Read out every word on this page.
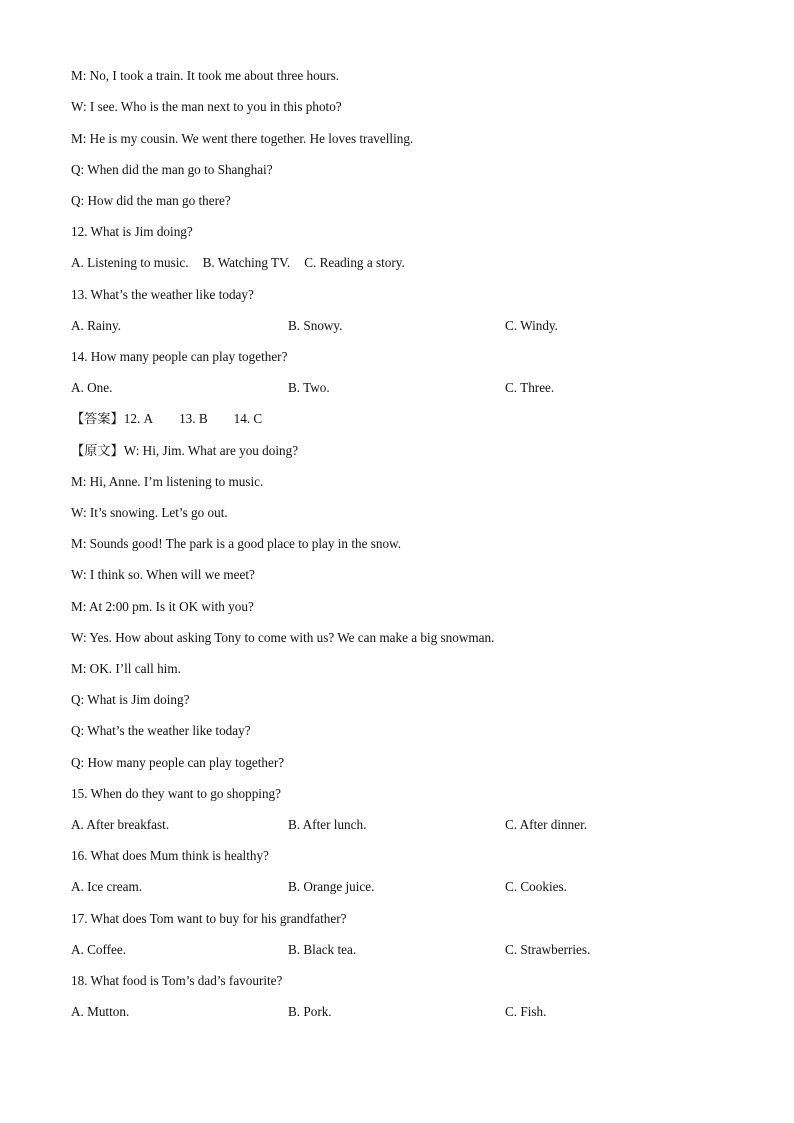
M: No, I took a train. It took me about three hours.
W: I see. Who is the man next to you in this photo?
M: He is my cousin. We went there together. He loves travelling.
Q: When did the man go to Shanghai?
Q: How did the man go there?
12. What is Jim doing?
A. Listening to music. B. Watching TV. C. Reading a story.
13. What’s the weather like today?
A. Rainy.	B. Snowy.	C. Windy.
14. How many people can play together?
A. One.	B. Two.	C. Three.
【答案】12. A 13. B 14. C
【原文】W: Hi, Jim. What are you doing?
M: Hi, Anne. I’m listening to music.
W: It’s snowing. Let’s go out.
M: Sounds good! The park is a good place to play in the snow.
W: I think so. When will we meet?
M: At 2:00 pm. Is it OK with you?
W: Yes. How about asking Tony to come with us? We can make a big snowman.
M: OK. I’ll call him.
Q: What is Jim doing?
Q: What’s the weather like today?
Q: How many people can play together?
15. When do they want to go shopping?
A. After breakfast.	B. After lunch.	C. After dinner.
16. What does Mum think is healthy?
A. Ice cream.	B. Orange juice.	C. Cookies.
17. What does Tom want to buy for his grandfather?
A. Coffee.	B. Black tea.	C. Strawberries.
18. What food is Tom’s dad’s favourite?
A. Mutton.	B. Pork.	C. Fish.
